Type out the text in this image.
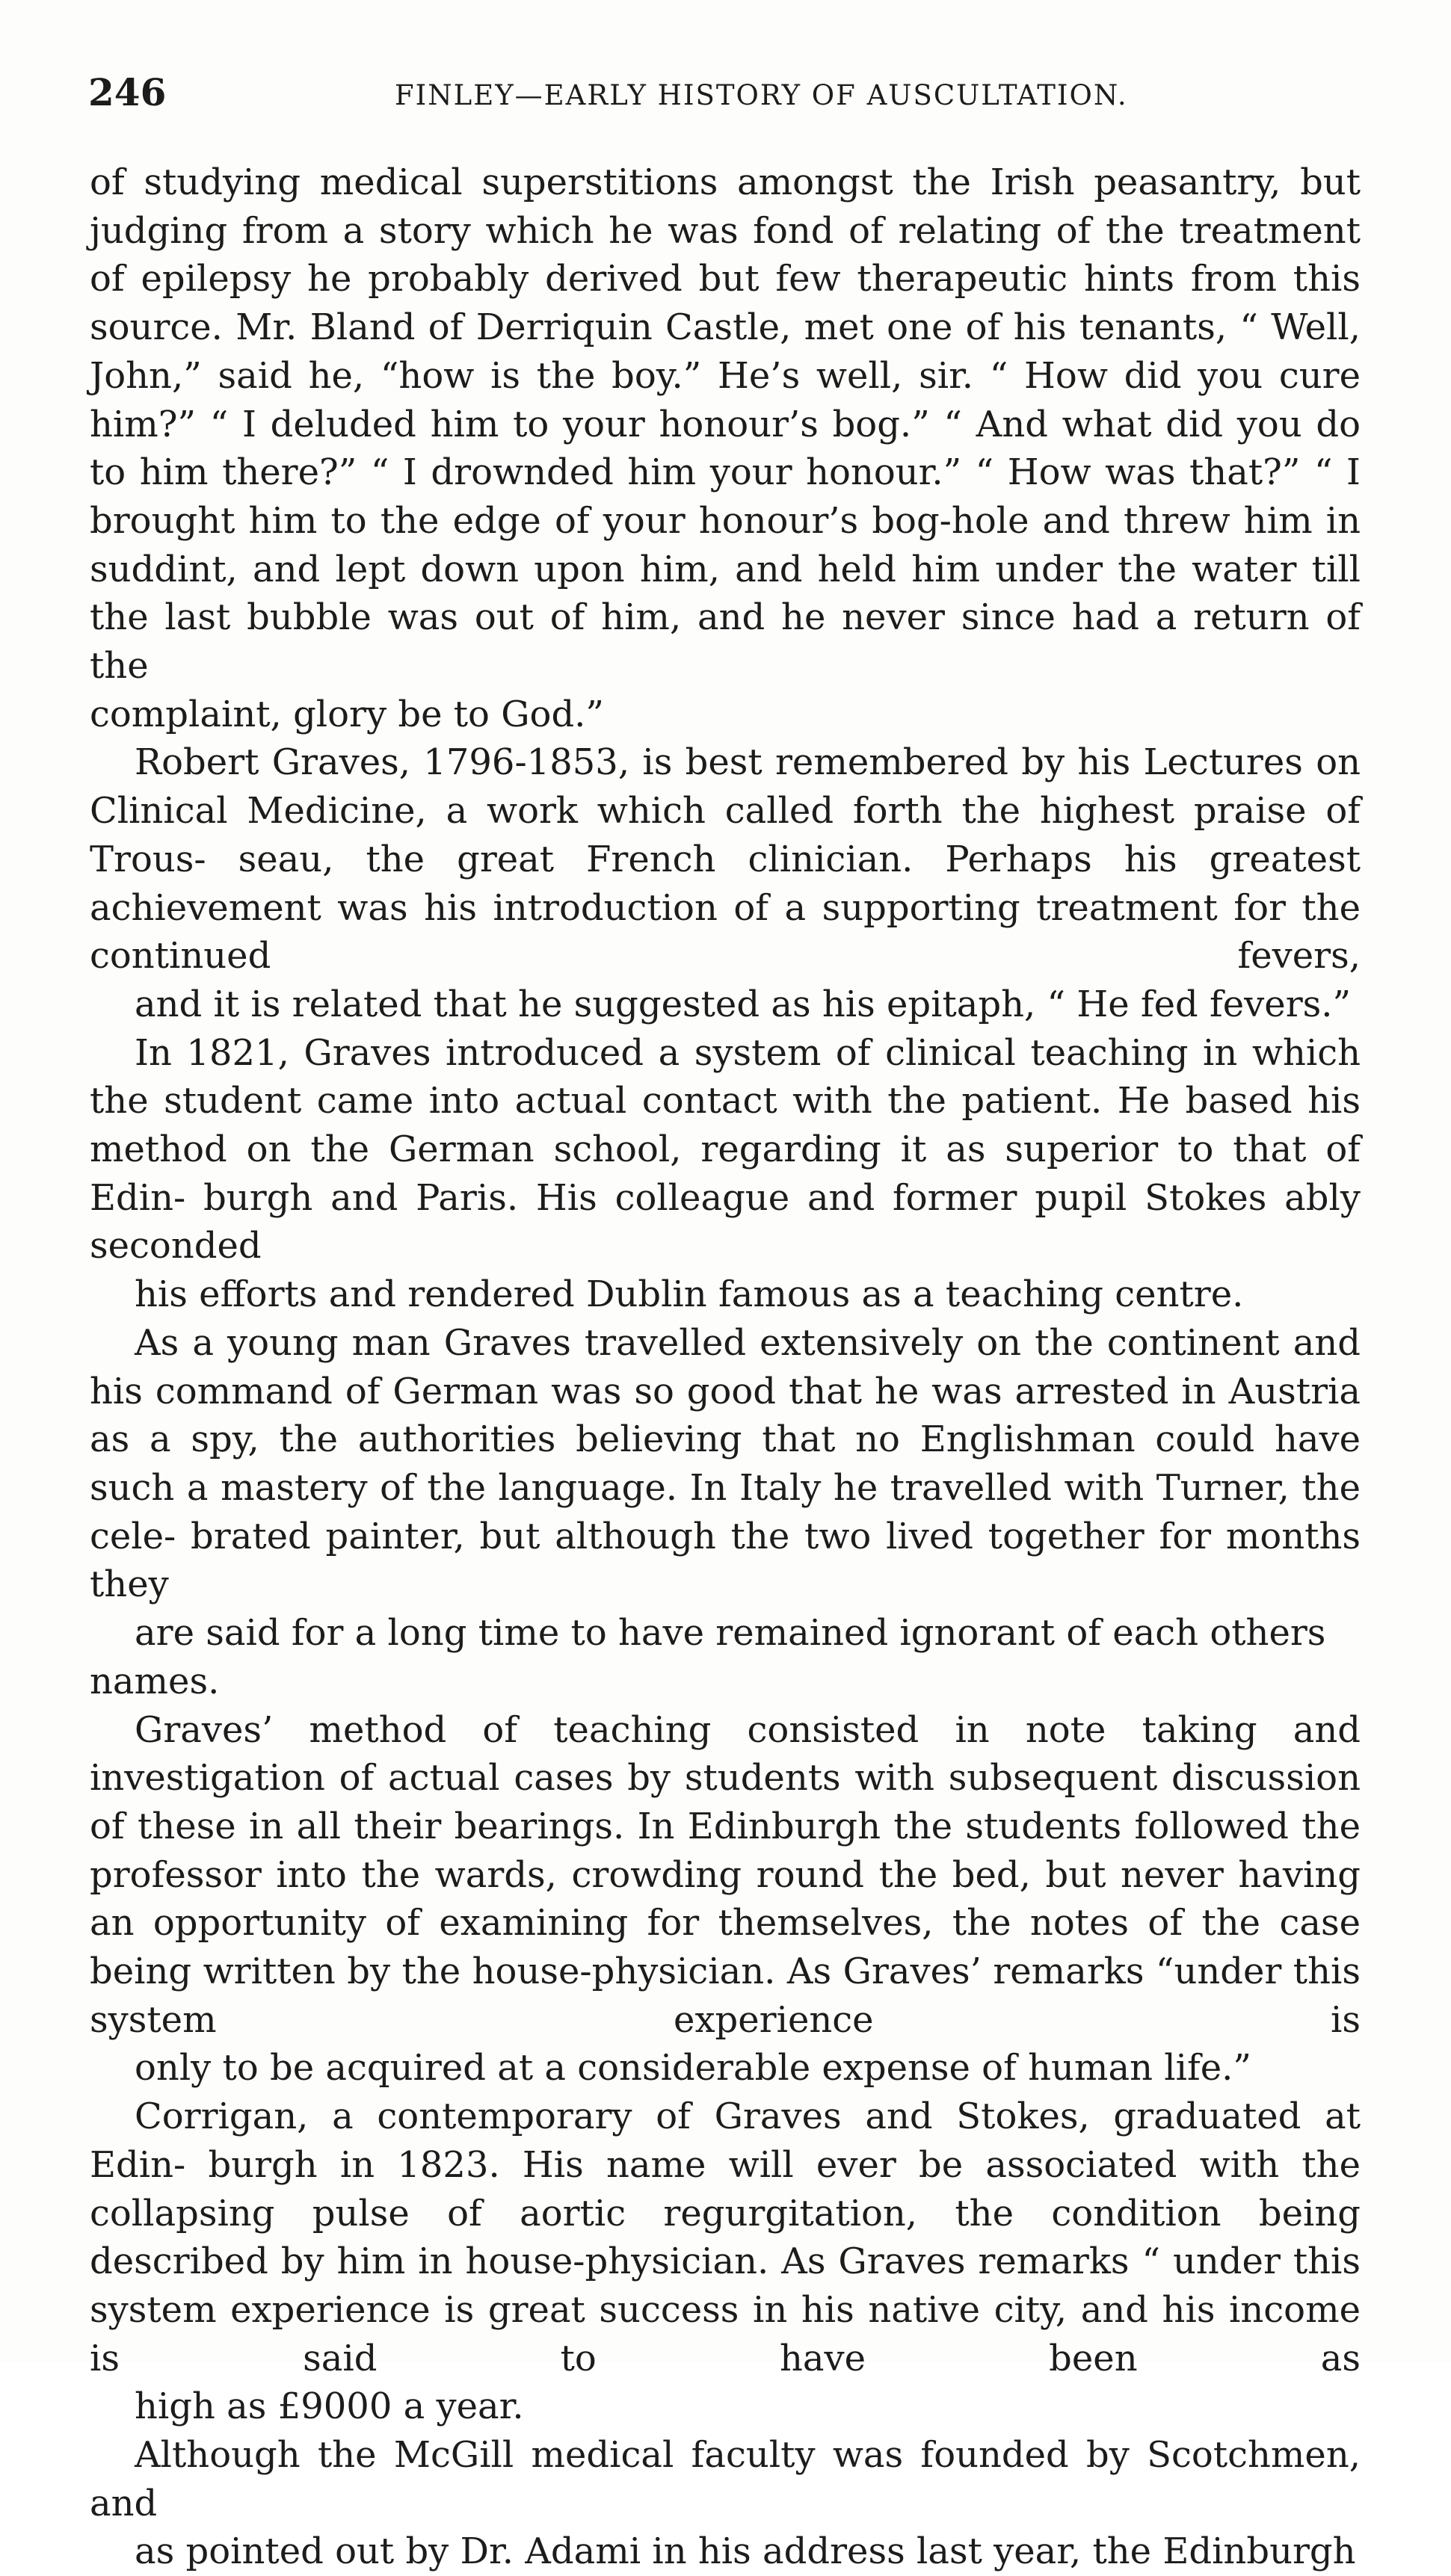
246	FINLEY—EARLY HISTORY OF AUSCULTATION.

of studying medical superstitions amongst the Irish peasantry, but judging from a story which he was fond of relating of the treatment of epilepsy he probably derived but few therapeutic hints from this source. Mr. Bland of Derriquin Castle, met one of his tenants, “ Well, John,” said he, “how is the boy.” He’s well, sir. “ How did you cure him?” “ I deluded him to your honour’s bog.” “ And what did you do to him there?” “ I drownded him your honour.” “ How was that?” “ I brought him to the edge of your honour’s bog-hole and threw him in suddint, and lept down upon him, and held him under the water till the last bubble was out of him, and he never since had a return of the
complaint, glory be to God.”

Robert Graves, 1796-1853, is best remembered by his Lectures on Clinical Medicine, a work which called forth the highest praise of Trous- seau, the great French clinician. Perhaps his greatest achievement was his introduction of a supporting treatment for the continued fevers,
and it is related that he suggested as his epitaph, “ He fed fevers.”

In 1821, Graves introduced a system of clinical teaching in which the student came into actual contact with the patient. He based his method on the German school, regarding it as superior to that of Edin- burgh and Paris. His colleague and former pupil Stokes ably seconded
his efforts and rendered Dublin famous as a teaching centre.

As a young man Graves travelled extensively on the continent and his command of German was so good that he was arrested in Austria as a spy, the authorities believing that no Englishman could have such a mastery of the language. In Italy he travelled with Turner, the cele- brated painter, but although the two lived together for months they
are said for a long time to have remained ignorant of each others names.

Graves’ method of teaching consisted in note taking and investigation of actual cases by students with subsequent discussion of these in all their bearings. In Edinburgh the students followed the professor into the wards, crowding round the bed, but never having an opportunity of examining for themselves, the notes of the case being written by the house-physician. As Graves’ remarks “under this system experience is
only to be acquired at a considerable expense of human life.”

Corrigan, a contemporary of Graves and Stokes, graduated at Edin- burgh in 1823. His name will ever be associated with the collapsing pulse of aortic regurgitation, the condition being described by him in house-physician. As Graves remarks “ under this system experience is great success in his native city, and his income is said to have been as
high as £9000 a year.

Although the McGill medical faculty was founded by Scotchmen, and
as pointed out by Dr. Adami in his address last year, the Edinburgh
